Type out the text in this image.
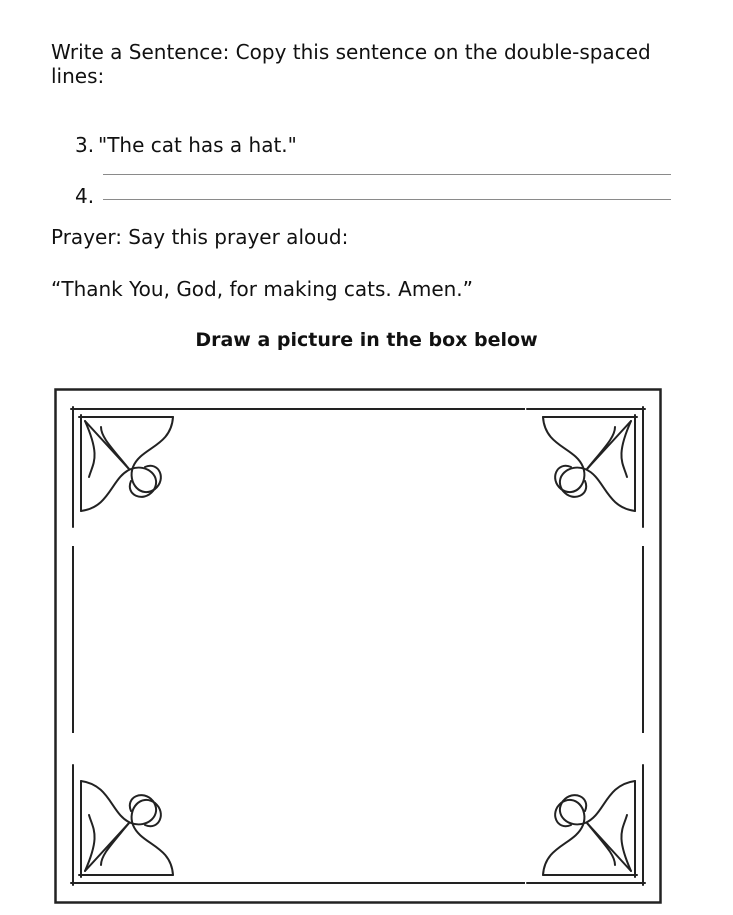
Write a Sentence: Copy this sentence on the double-spaced lines:
3. "The cat has a hat."
4.
Prayer: Say this prayer aloud:
“Thank You, God, for making cats. Amen.”
Draw a picture in the box below
